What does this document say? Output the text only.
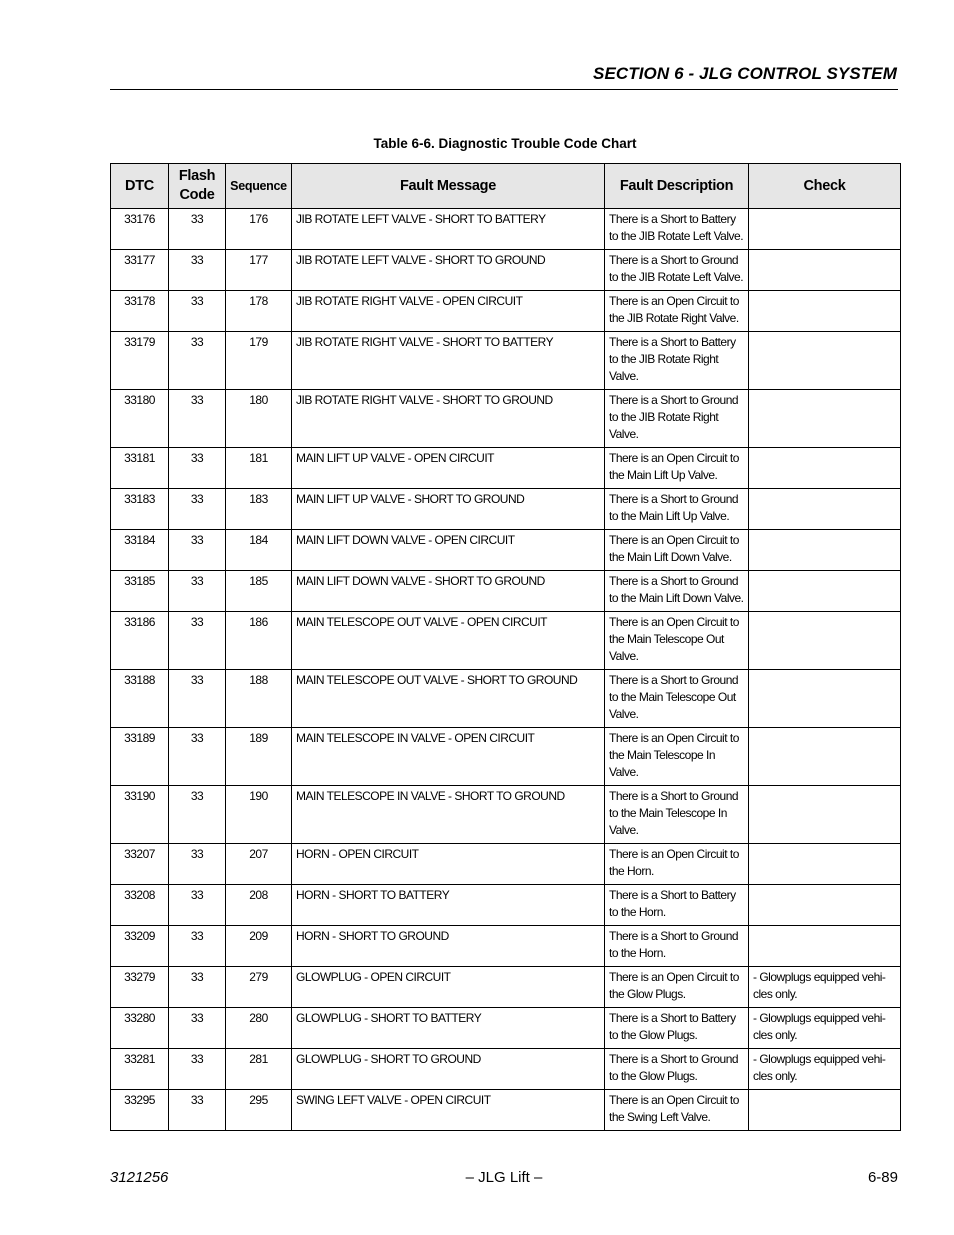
SECTION 6 - JLG CONTROL SYSTEM
Table 6-6. Diagnostic Trouble Code Chart
DTC	Flash Code	Sequence	Fault Message	Fault Description	Check
33176	33	176	JIB ROTATE LEFT VALVE - SHORT TO BATTERY	There is a Short to Battery to the JIB Rotate Left Valve.	
33177	33	177	JIB ROTATE LEFT VALVE - SHORT TO GROUND	There is a Short to Ground to the JIB Rotate Left Valve.	
33178	33	178	JIB ROTATE RIGHT VALVE - OPEN CIRCUIT	There is an Open Circuit to the JIB Rotate Right Valve.	
33179	33	179	JIB ROTATE RIGHT VALVE - SHORT TO BATTERY	There is a Short to Battery to the JIB Rotate Right Valve.	
33180	33	180	JIB ROTATE RIGHT VALVE - SHORT TO GROUND	There is a Short to Ground to the JIB Rotate Right Valve.	
33181	33	181	MAIN LIFT UP VALVE - OPEN CIRCUIT	There is an Open Circuit to the Main Lift Up Valve.	
33183	33	183	MAIN LIFT UP VALVE - SHORT TO GROUND	There is a Short to Ground to the Main Lift Up Valve.	
33184	33	184	MAIN LIFT DOWN VALVE - OPEN CIRCUIT	There is an Open Circuit to the Main Lift Down Valve.	
33185	33	185	MAIN LIFT DOWN VALVE - SHORT TO GROUND	There is a Short to Ground to the Main Lift Down Valve.	
33186	33	186	MAIN TELESCOPE OUT VALVE - OPEN CIRCUIT	There is an Open Circuit to the Main Telescope Out Valve.	
33188	33	188	MAIN TELESCOPE OUT VALVE - SHORT TO GROUND	There is a Short to Ground to the Main Telescope Out Valve.	
33189	33	189	MAIN TELESCOPE IN VALVE - OPEN CIRCUIT	There is an Open Circuit to the Main Telescope In Valve.	
33190	33	190	MAIN TELESCOPE IN VALVE - SHORT TO GROUND	There is a Short to Ground to the Main Telescope In Valve.	
33207	33	207	HORN - OPEN CIRCUIT	There is an Open Circuit to the Horn.	
33208	33	208	HORN - SHORT TO BATTERY	There is a Short to Battery to the Horn.	
33209	33	209	HORN - SHORT TO GROUND	There is a Short to Ground to the Horn.	
33279	33	279	GLOWPLUG - OPEN CIRCUIT	There is an Open Circuit to the Glow Plugs.	- Glowplugs equipped vehi-cles only.
33280	33	280	GLOWPLUG - SHORT TO BATTERY	There is a Short to Battery to the Glow Plugs.	- Glowplugs equipped vehi-cles only.
33281	33	281	GLOWPLUG - SHORT TO GROUND	There is a Short to Ground to the Glow Plugs.	- Glowplugs equipped vehi-cles only.
33295	33	295	SWING LEFT VALVE - OPEN CIRCUIT	There is an Open Circuit to the Swing Left Valve.	
3121256	– JLG Lift –	6-89
